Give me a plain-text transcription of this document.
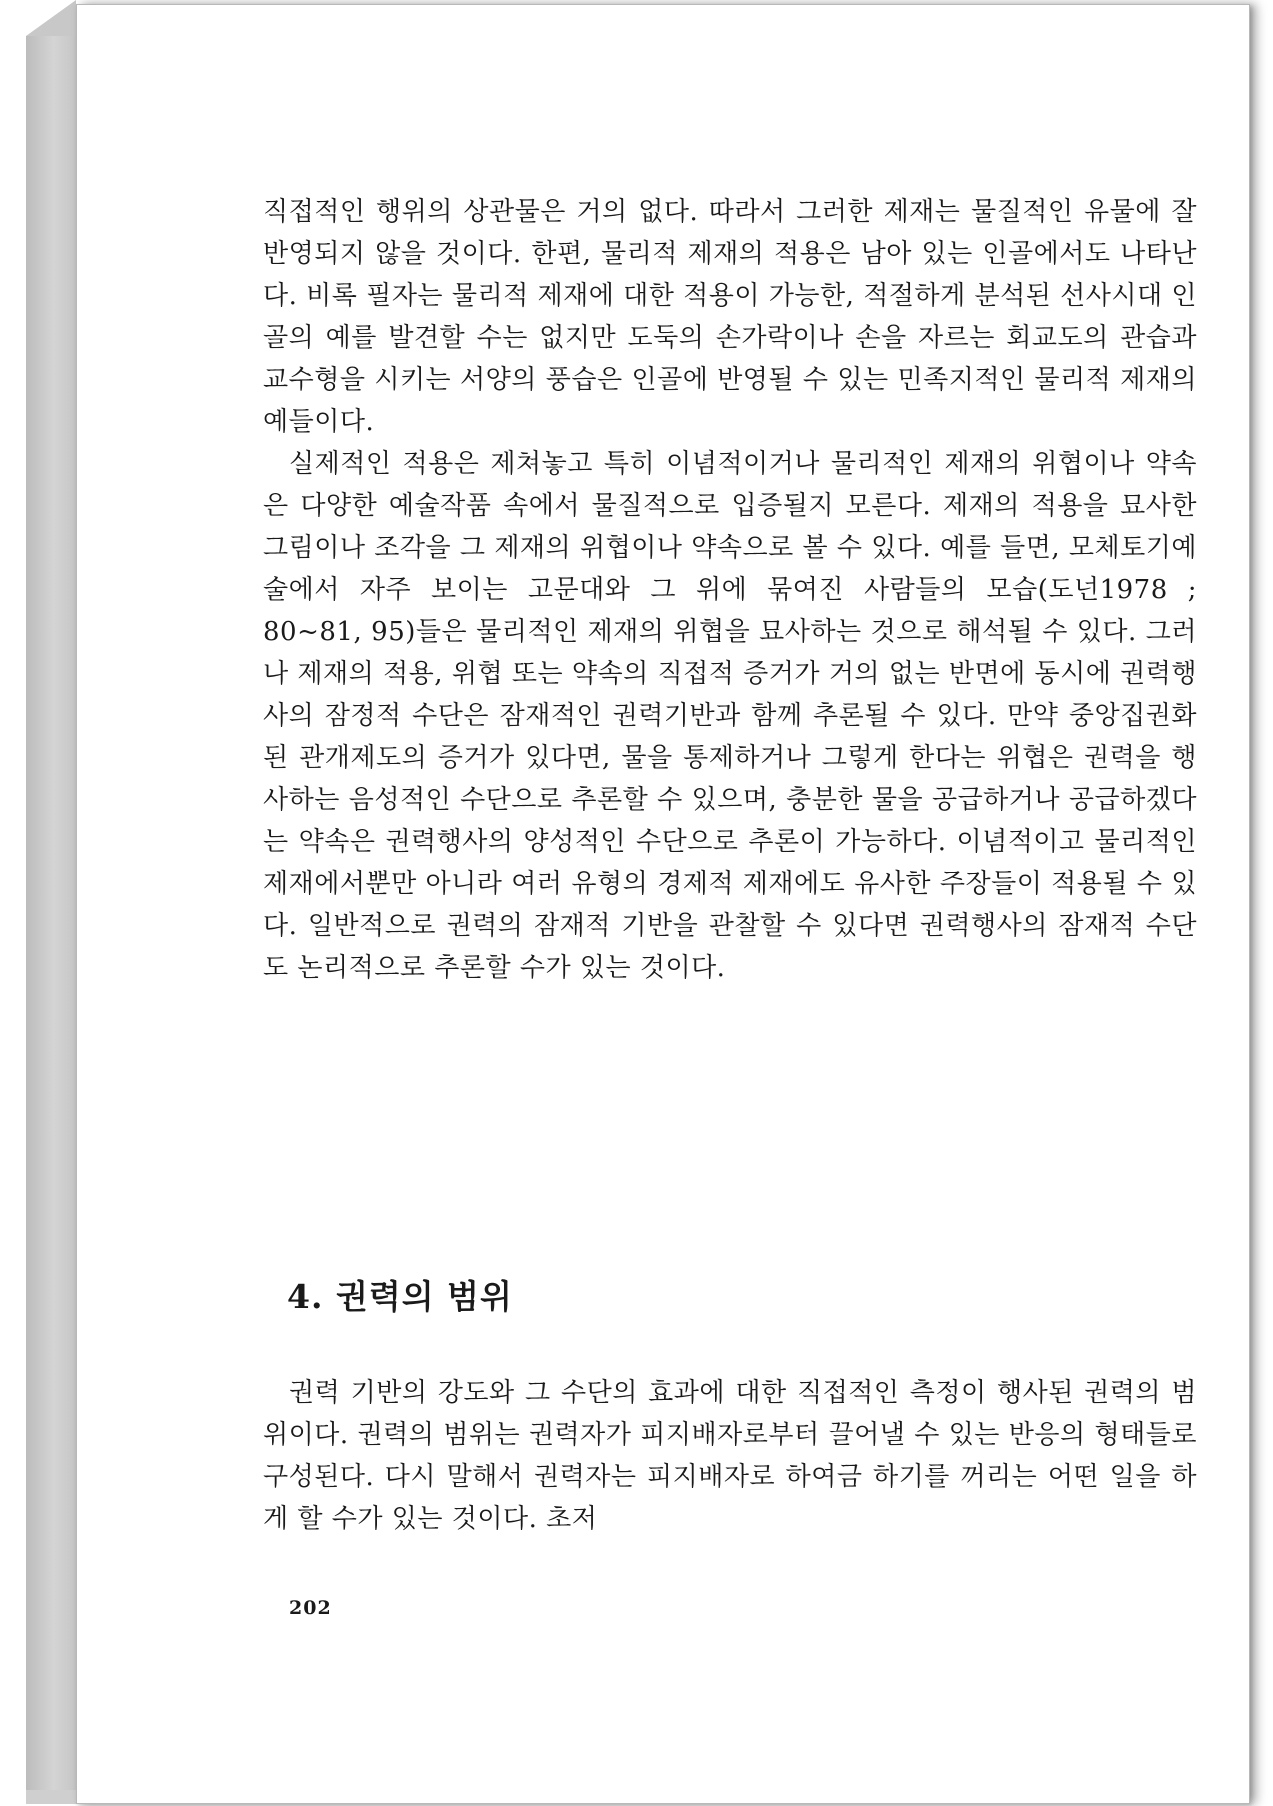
직접적인 행위의 상관물은 거의 없다. 따라서 그러한 제재는 물질적인 유물에 잘 반영되지 않을 것이다. 한편, 물리적 제재의 적용은 남아 있는 인골에서도 나타난다. 비록 필자는 물리적 제재에 대한 적용이 가능한, 적절하게 분석된 선사시대 인골의 예를 발견할 수는 없지만 도둑의 손가락이나 손을 자르는 회교도의 관습과 교수형을 시키는 서양의 풍습은 인골에 반영될 수 있는 민족지적인 물리적 제재의 예들이다.

실제적인 적용은 제쳐놓고 특히 이념적이거나 물리적인 제재의 위협이나 약속은 다양한 예술작품 속에서 물질적으로 입증될지 모른다. 제재의 적용을 묘사한 그림이나 조각을 그 제재의 위협이나 약속으로 볼 수 있다. 예를 들면, 모체토기예술에서 자주 보이는 고문대와 그 위에 묶여진 사람들의 모습(도넌1978 ; 80~81, 95)들은 물리적인 제재의 위협을 묘사하는 것으로 해석될 수 있다. 그러나 제재의 적용, 위협 또는 약속의 직접적 증거가 거의 없는 반면에 동시에 권력행사의 잠정적 수단은 잠재적인 권력기반과 함께 추론될 수 있다. 만약 중앙집권화된 관개제도의 증거가 있다면, 물을 통제하거나 그렇게 한다는 위협은 권력을 행사하는 음성적인 수단으로 추론할 수 있으며, 충분한 물을 공급하거나 공급하겠다는 약속은 권력행사의 양성적인 수단으로 추론이 가능하다. 이념적이고 물리적인 제재에서뿐만 아니라 여러 유형의 경제적 제재에도 유사한 주장들이 적용될 수 있다. 일반적으로 권력의 잠재적 기반을 관찰할 수 있다면 권력행사의 잠재적 수단도 논리적으로 추론할 수가 있는 것이다.

4. 권력의 범위

권력 기반의 강도와 그 수단의 효과에 대한 직접적인 측정이 행사된 권력의 범위이다. 권력의 범위는 권력자가 피지배자로부터 끌어낼 수 있는 반응의 형태들로 구성된다. 다시 말해서 권력자는 피지배자로 하여금 하기를 꺼리는 어떤 일을 하게 할 수가 있는 것이다. 초저

202
